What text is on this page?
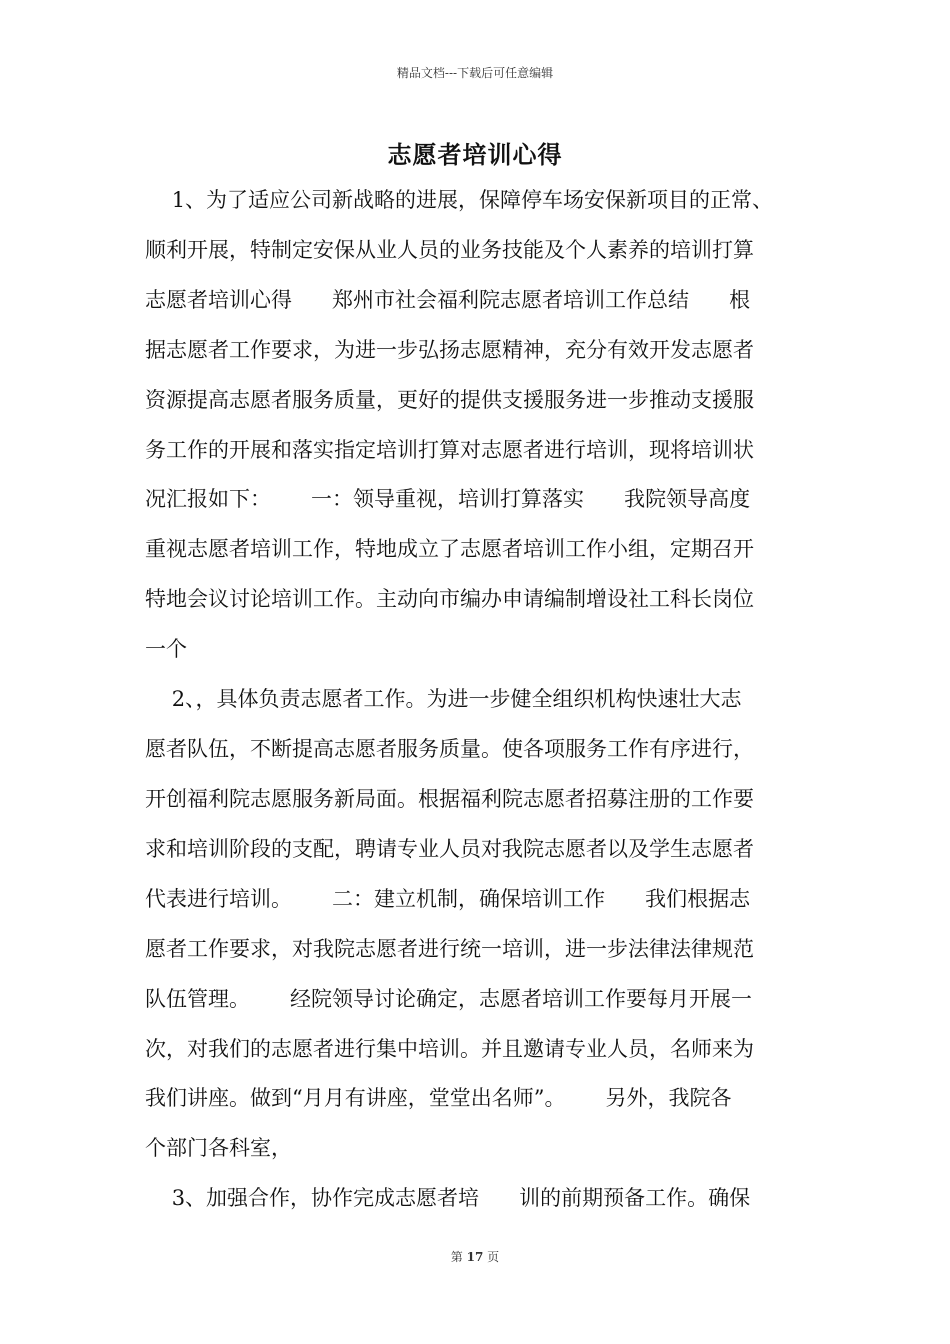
精品文档---下载后可任意编辑
志愿者培训心得
1、为了适应公司新战略的进展，保障停车场安保新项目的正常、
顺利开展，特制定安保从业人员的业务技能及个人素养的培训打算
志愿者培训心得      郑州市社会福利院志愿者培训工作总结      根
据志愿者工作要求，为进一步弘扬志愿精神，充分有效开发志愿者
资源提高志愿者服务质量，更好的提供支援服务进一步推动支援服
务工作的开展和落实指定培训打算对志愿者进行培训，现将培训状
况汇报如下：      一：领导重视，培训打算落实      我院领导高度
重视志愿者培训工作，特地成立了志愿者培训工作小组，定期召开
特地会议讨论培训工作。主动向市编办申请编制增设社工科长岗位
一个
2、，具体负责志愿者工作。为进一步健全组织机构快速壮大志
愿者队伍，不断提高志愿者服务质量。使各项服务工作有序进行，
开创福利院志愿服务新局面。根据福利院志愿者招募注册的工作要
求和培训阶段的支配，聘请专业人员对我院志愿者以及学生志愿者
代表进行培训。      二：建立机制，确保培训工作      我们根据志
愿者工作要求，对我院志愿者进行统一培训，进一步法律法律规范
队伍管理。      经院领导讨论确定，志愿者培训工作要每月开展一
次，对我们的志愿者进行集中培训。并且邀请专业人员，名师来为
我们讲座。做到“月月有讲座，堂堂出名师”。      另外，我院各
个部门各科室，
3、加强合作，协作完成志愿者培      训的前期预备工作。确保
第 17 页
